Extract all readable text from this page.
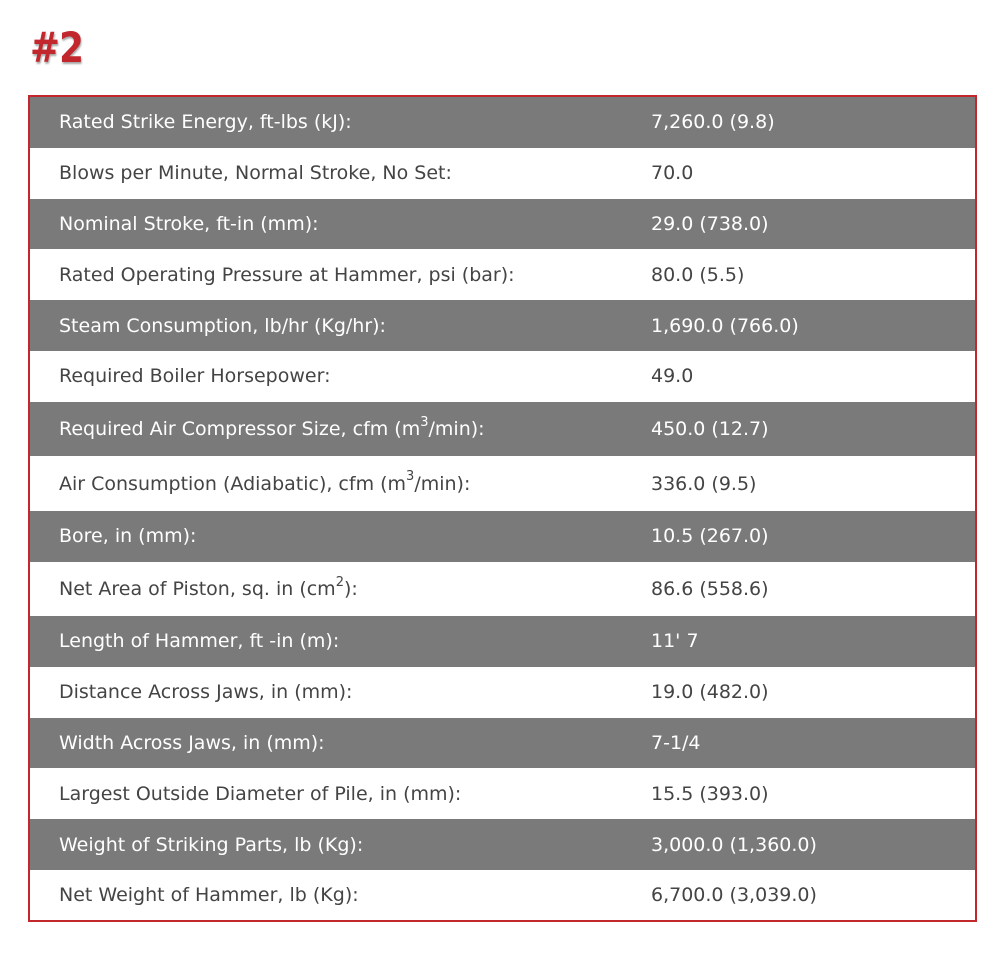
#2
Rated Strike Energy, ft-lbs (kJ):	7,260.0 (9.8)
Blows per Minute, Normal Stroke, No Set:	70.0
Nominal Stroke, ft-in (mm):	29.0 (738.0)
Rated Operating Pressure at Hammer, psi (bar):	80.0 (5.5)
Steam Consumption, lb/hr (Kg/hr):	1,690.0 (766.0)
Required Boiler Horsepower:	49.0
Required Air Compressor Size, cfm $(m^3/\min)$:	450.0 (12.7)
Air Consumption (Adiabatic), cfm $(m^3/\min)$:	336.0 (9.5)
Bore, in (mm):	10.5 (267.0)
Net Area of Piston, sq. in $(cm^2)$:	86.6 (558.6)
Length of Hammer, ft -in (m):	11' 7
Distance Across Jaws, in (mm):	19.0 (482.0)
Width Across Jaws, in (mm):	7-1/4
Largest Outside Diameter of Pile, in (mm):	15.5 (393.0)
Weight of Striking Parts, lb (Kg):	3,000.0 (1,360.0)
Net Weight of Hammer, lb (Kg):	6,700.0 (3,039.0)
